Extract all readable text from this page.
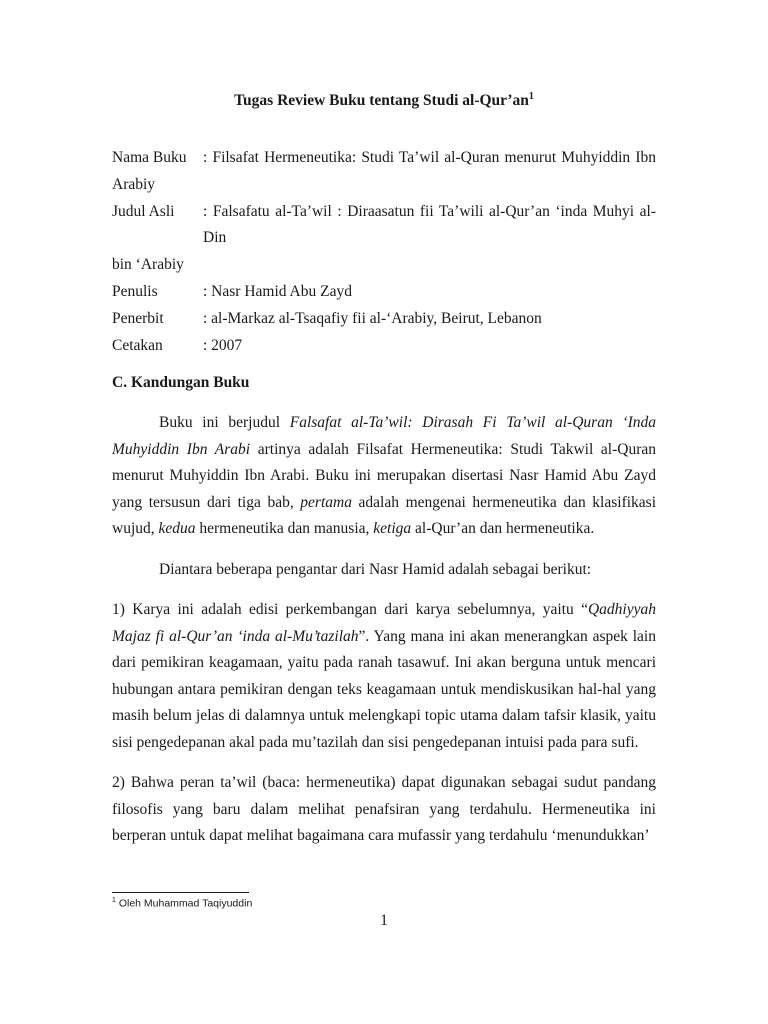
Tugas Review Buku tentang Studi $al-Qur’an^1$
Nama Buku	: Filsafat Hermeneutika: Studi Ta’wil al-Quran menurut Muhyiddin Ibn
Arabiy
Judul Asli	: Falsafatu al-Ta’wil : Diraasatun fii Ta’wili al-Qur’an ‘inda Muhyi al-Din
bin ‘Arabiy
Penulis	: Nasr Hamid Abu Zayd
Penerbit	: al-Markaz al-Tsaqafiy fii al-‘Arabiy, Beirut, Lebanon
Cetakan	: 2007
C. Kandungan Buku

Buku ini berjudul Falsafat al-Ta’wil: Dirasah Fi Ta’wil al-Quran ‘Inda Muhyiddin Ibn Arabi artinya adalah Filsafat Hermeneutika: Studi Takwil al-Quran menurut Muhyiddin Ibn Arabi. Buku ini merupakan disertasi Nasr Hamid Abu Zayd yang tersusun dari tiga bab, pertama adalah mengenai hermeneutika dan klasifikasi wujud, kedua hermeneutika dan manusia, ketiga al-Qur’an dan hermeneutika.

Diantara beberapa pengantar dari Nasr Hamid adalah sebagai berikut:

1) Karya ini adalah edisi perkembangan dari karya sebelumnya, yaitu “Qadhiyyah Majaz fi al-Qur’an ‘inda al-Mu’tazilah”. Yang mana ini akan menerangkan aspek lain dari pemikiran keagamaan, yaitu pada ranah tasawuf. Ini akan berguna untuk mencari hubungan antara pemikiran dengan teks keagamaan untuk mendiskusikan hal-hal yang masih belum jelas di dalamnya untuk melengkapi topic utama dalam tafsir klasik, yaitu sisi pengedepanan akal pada mu’tazilah dan sisi pengedepanan intuisi pada para sufi.

2) Bahwa peran ta’wil (baca: hermeneutika) dapat digunakan sebagai sudut pandang filosofis yang baru dalam melihat penafsiran yang terdahulu. Hermeneutika ini berperan untuk dapat melihat bagaimana cara mufassir yang terdahulu ‘menundukkan’

$^1$ Oleh Muhammad Taqiyuddin
1
